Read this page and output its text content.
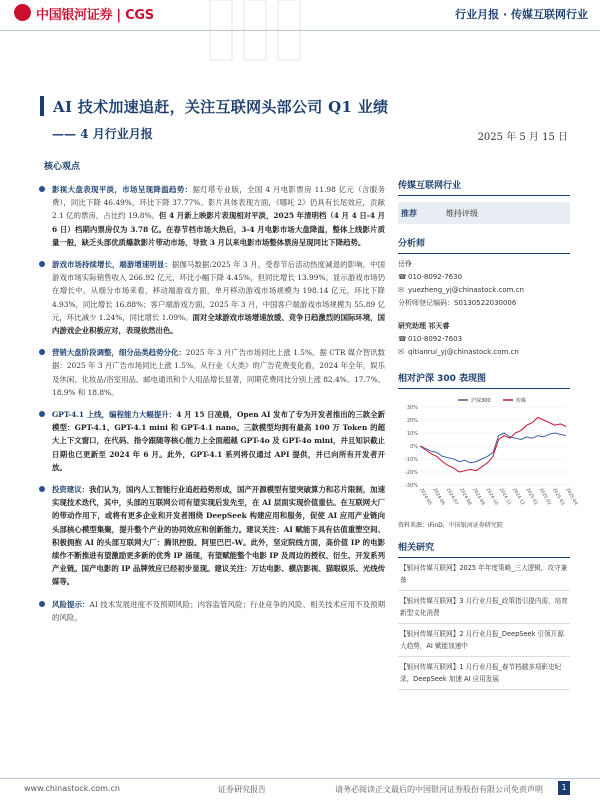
中国银河证券 | CGS	行业月报 · 传媒互联网行业
AI 技术加速追赶，关注互联网头部公司 Q1 业绩
—— 4 月行业月报	2025 年 5 月 15 日
核心观点
影视大盘表现平淡，市场呈现降温趋势：据灯塔专业版，全国 4 月电影票房 11.98 亿元（含服务费），同比下降 46.49%，环比下降 37.77%。影片具体表现方面，《哪吒 2》仍具有长尾效应，贡献 2.1 亿的票房，占比约 19.8%。但 4 月新上映影片表现相对平淡，2025 年清明档（4 月 4 日-4 月 6 日）档期内票房仅为 3.78 亿。在春节档市场大热后，3-4 月电影市场大盘降温，整体上线影片质量一般，缺乏头部优质爆款影片带动市场，导致 3 月以来电影市场整体票房呈现同比下降趋势。
游戏市场持续增长，端游增速明显：据伽马数据:2025 年 3 月，受春节后活动热度减退的影响，中国游戏市场实际销售收入 266.92 亿元，环比小幅下降 4.45%，但同比增长 13.99%。显示游戏市场仍在增长中。从细分市场来看，移动端游戏方面，单月移动游戏市场规模为 198.14 亿元，环比下降 4.93%，同比增长 16.88%；客户端游戏方面，2025 年 3 月，中国客户端游戏市场规模为 55.89 亿元，环比减少 1.24%，同比增长 1.09%。面对全球游戏市场增速放缓、竞争日趋激烈的国际环境，国内游戏企业积极应对，表现依然出色。
营销大盘阶段调整，细分品类趋势分化：2025 年 3 月广告市场同比上涨 1.5%。据 CTR 媒介智讯数据：2025 年 3 月广告市场同比上涨 1.5%。从行业《大类》的广告花费变化看，2024 年全年，娱乐及休闲、化妆品/浴室用品、邮电通讯和个人用品增长显著，同期花费同比分别上涨 82.4%、17.7%、18.9% 和 18.8%。
GPT-4.1 上线，编程能力大幅提升：4 月 15 日凌晨，Open AI 发布了专为开发者推出的三款全新模型：GPT-4.1、GPT-4.1 mini 和 GPT-4.1 nano。三款模型均拥有最高 100 万 Token 的超大上下文窗口，在代码、指令跟随等核心能力上全面超越 GPT-4o 及 GPT-4o mini，并且知识截止日期也已更新至 2024 年 6 月。此外，GPT-4.1 系列将仅通过 API 提供，并已向所有开发者开放。
投资建议：我们认为，国内人工智能行业追赶趋势形成，国产开源模型有望突破算力和芯片限制，加速实现技术迭代，其中，头部的互联网公司有望实现后发先至，在 AI 层面实现价值重估。在互联网大厂的带动作用下，或将有更多企业和开发者围绕 DeepSeek 构建应用和服务，促使 AI 应用产业链向头部核心模型集聚，提升整个产业的协同效应和创新能力。建议关注：AI 赋能下具有估值重塑空间、积极拥抱 AI 的头部互联网大厂：腾讯控股、阿里巴巴-W。此外，坚定院线方面，高价值 IP 的电影续作不断推进有望激励更多新的优秀 IP 涌现，有望赋能整个电影 IP 及周边的授权、衍生、开发系列产业链。国产电影的 IP 品牌效应已经初步显现。建议关注：万达电影、横店影视、猫眼娱乐、光线传媒等。
风险提示：AI 技术发展进度不及预期风险；内容监管风险；行业竞争的风险、相关技术应用不及预期的风险。
传媒互联网行业
推荐	维持评级
分析师
岳铮
☎010-8092-7630
✉ yuezheng_yj@chinastock.com.cn
分析师登记编码：S0130522030006
研究助理 祁天睿
☎010-8092-7603
✉ qitianrui_yj@chinastock.com.cn
相对沪深 300 表现图
30%
20%
10%
0%
-10%
-20%
-30%
2024-05 2024-06 2024-07 2024-08 2024-09 2024-10 2024-11 2024-12 2025-01 2025-02 2025-03 2025-04
沪深300	传媒
资料来源：iFinD，中国银河证券研究院
相关研究
【银河传媒互联网】2025 年年度策略_三大逻辑，攻守兼备
【银河传媒互联网】3 月行业月报_政策指引提内需，培育新型文化消费
【银河传媒互联网】2 月行业月报_DeepSeek 引领开源大趋势，AI 赋能加速中
【银河传媒互联网】1 月行业月报_春节档越多项影史纪录，DeepSeek 加速 AI 应用发展
www.chinastock.com.cn	证券研究报告	请务必阅读正文最后的中国银河证券股份有限公司免责声明	1
